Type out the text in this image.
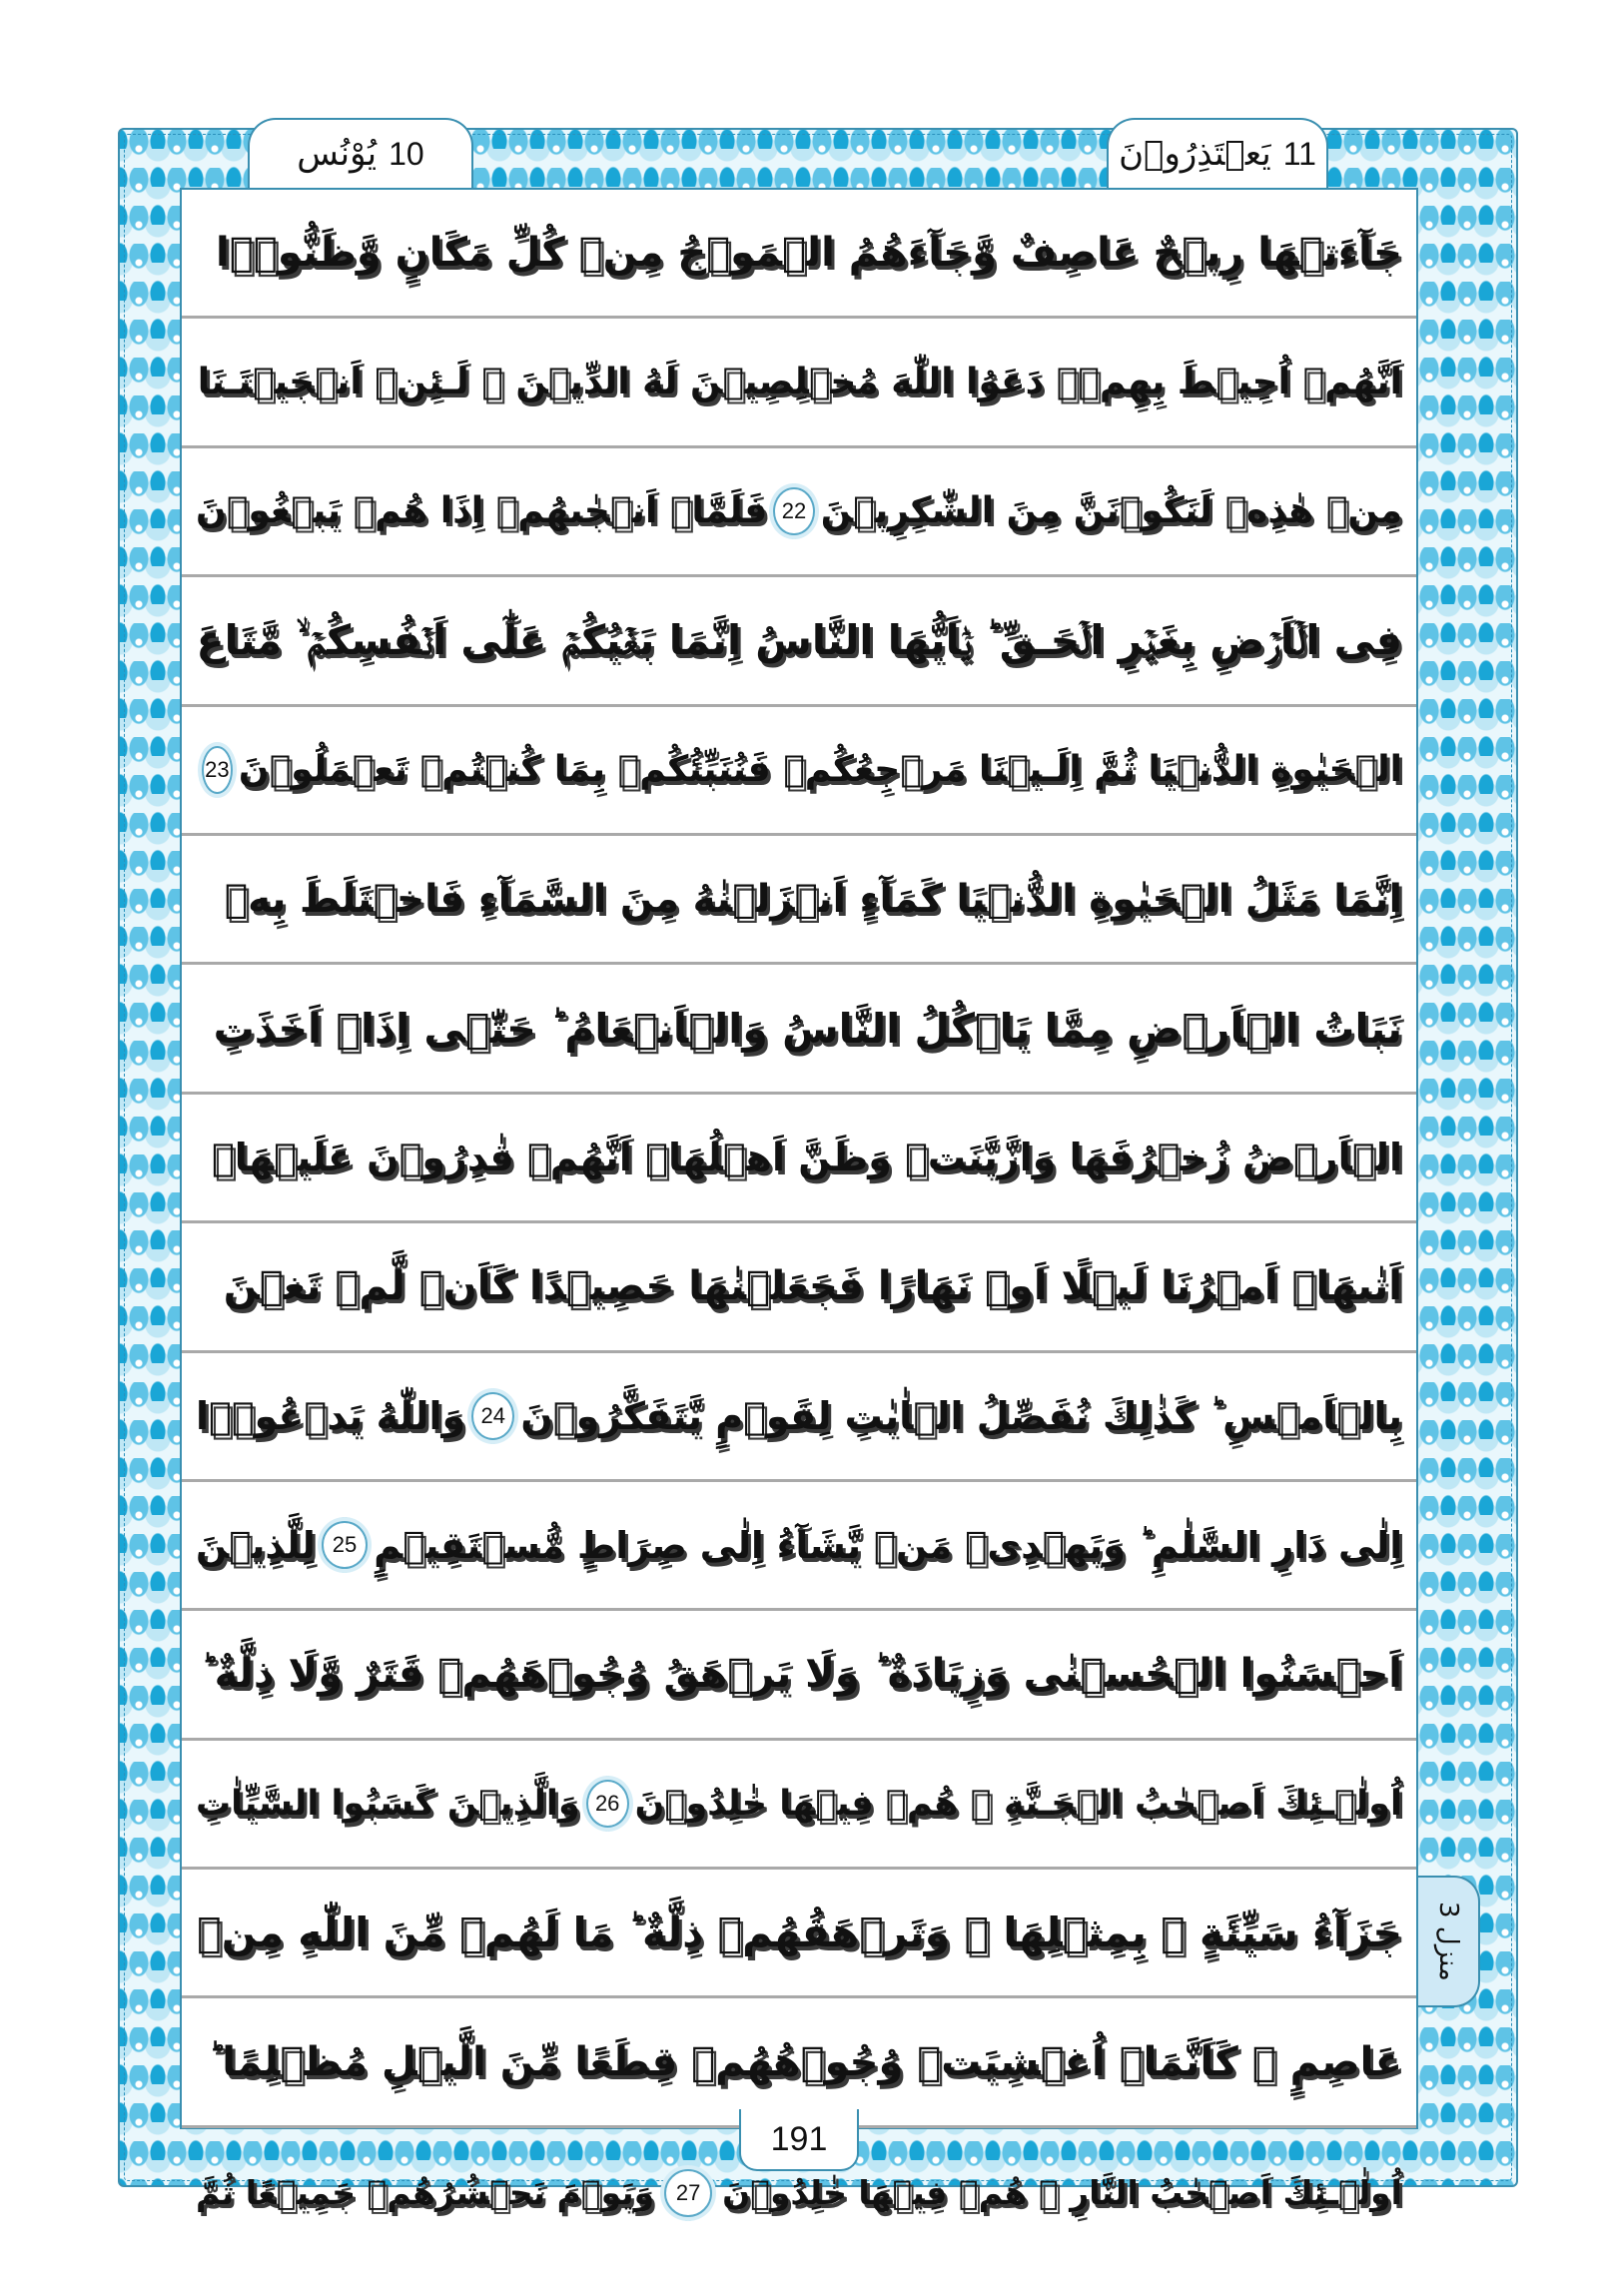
يُوْنُس 10	يَعۡتَذِرُوۡنَ 11
جَآءَتۡهَا رِيۡحٌ عَاصِفٌ وَّجَآءَهُمُ الۡمَوۡجُ مِنۡ كُلِّ مَكَانٍ وَّظَنُّوۡۤا
اَنَّهُمۡ اُحِيۡطَ بِهِمۡ‌ۙ دَعَوُا اللّٰهَ مُخۡلِصِيۡنَ لَهُ الدِّيۡنَ ۚ لَـئِنۡ اَنۡجَيۡتَـنَا
مِنۡ هٰذِهٖ لَنَكُوۡنَنَّ مِنَ الشّٰكِرِيۡنَ
22
فَلَمَّاۤ اَنۡجٰىهُمۡ اِذَا هُمۡ يَبۡغُوۡنَ
فِى الۡاَرۡضِ بِغَيۡرِ الۡحَـقِّ‌ ؕ يٰۤاَيُّهَا النَّاسُ اِنَّمَا بَغۡيُكُمۡ عَلٰٓى اَنۡفُسِكُمۡ‌ ۙ مَّتَاعَ
الۡحَيٰوةِ الدُّنۡيَا‌ ثُمَّ اِلَـيۡنَا مَرۡجِعُكُمۡ فَنُنَبِّئُكُمۡ بِمَا كُنۡتُمۡ تَعۡمَلُوۡنَ
23
اِنَّمَا مَثَلُ الۡحَيٰوةِ الدُّنۡيَا كَمَآءٍ اَنۡزَلۡنٰهُ مِنَ السَّمَآءِ فَاخۡتَلَطَ بِهٖ
نَبَاتُ الۡاَرۡضِ مِمَّا يَاۡكُلُ النَّاسُ وَالۡاَنۡعَامُ ؕ حَتّٰۤى اِذَاۤ اَخَذَتِ
الۡاَرۡضُ زُخۡرُفَهَا وَازَّيَّنَتۡ وَظَنَّ اَهۡلُهَاۤ اَنَّهُمۡ قٰدِرُوۡنَ عَلَيۡهَاۤ
اَتٰٮهَاۤ اَمۡرُنَا لَيۡلًا اَوۡ نَهَارًا فَجَعَلۡنٰهَا حَصِيۡدًا كَاَنۡ لَّمۡ تَغۡنَ
بِالۡاَمۡسِ‌ ؕ كَذٰلِكَ نُفَصِّلُ الۡاٰيٰتِ لِقَوۡمٍ يَّتَفَكَّرُوۡنَ
24
وَاللّٰهُ يَدۡعُوۡۤا
اِلٰى دَارِ السَّلٰمِ ؕ وَيَهۡدِىۡ مَنۡ يَّشَآءُ اِلٰى صِرَاطٍ مُّسۡتَقِيۡمٍ
25
لِلَّذِيۡنَ
اَحۡسَنُوا الۡحُسۡنٰى وَزِيَادَةٌ‌ ؕ وَلَا يَرۡهَقُ وُجُوۡهَهُمۡ قَتَرٌ وَّلَا ذِلَّةٌ‌ ؕ
اُولٰۤـئِكَ اَصۡحٰبُ الۡجَـنَّةِ‌ ۚ هُمۡ فِيۡهَا خٰلِدُوۡنَ
26
وَالَّذِيۡنَ كَسَبُوا السَّيِّاٰتِ
جَزَآءُ سَيِّئَةٍ ۢ بِمِثۡلِهَا ۙ وَتَرۡهَقُهُمۡ ذِلَّةٌ‌ ؕ مَا لَهُمۡ مِّنَ اللّٰهِ مِنۡ
عَاصِمٍ‌ ۚ كَاَنَّمَاۤ اُغۡشِيَتۡ وُجُوۡهُهُمۡ قِطَعًا مِّنَ الَّيۡلِ مُظۡلِمًا ؕ
اُولٰۤـئِكَ اَصۡحٰبُ النَّارِ‌ ۚ هُمۡ فِيۡهَا خٰلِدُوۡنَ
27
وَيَوۡمَ نَحۡشُرُهُمۡ جَمِيۡعًا ثُمَّ
منزل 3
191
